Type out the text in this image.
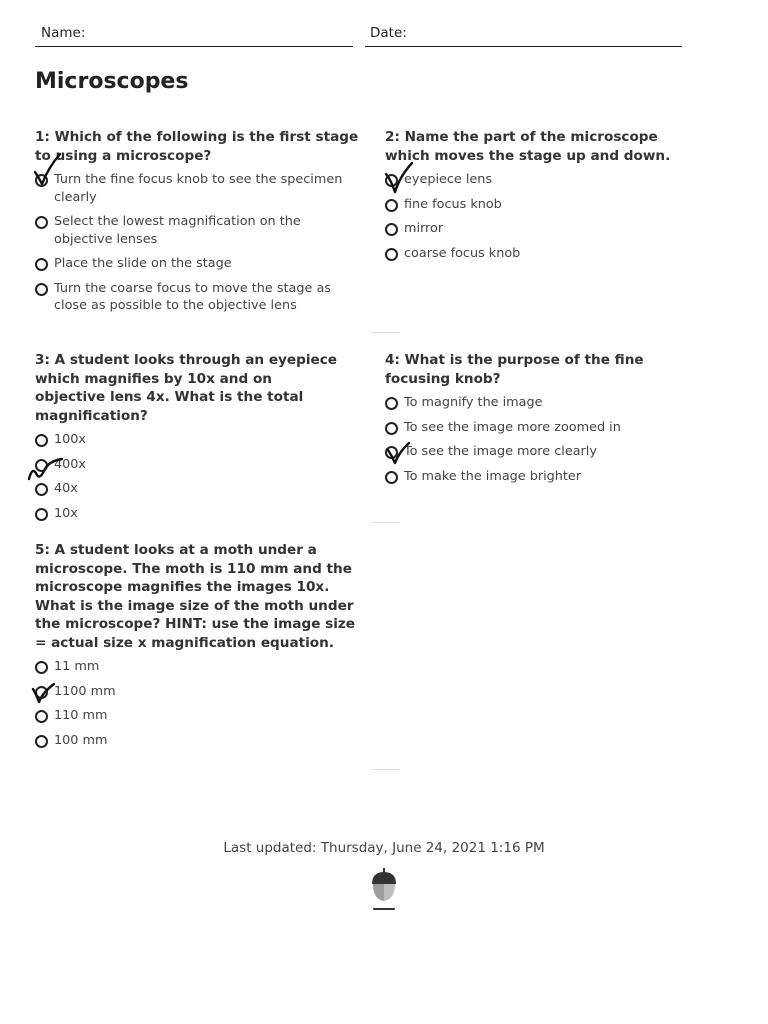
Name:	Date:
Microscopes

1: Which of the following is the first stage to using a microscope?

Turn the fine focus knob to see the specimen clearly
Select the lowest magnification on the objective lenses
Place the slide on the stage
Turn the coarse focus to move the stage as close as possible to the objective lens

2: Name the part of the microscope which moves the stage up and down.

eyepiece lens
fine focus knob
mirror
coarse focus knob

3: A student looks through an eyepiece which magnifies by 10x and on objective lens 4x. What is the total magnification?

100x
400x
40x
10x

4: What is the purpose of the fine focusing knob?

To magnify the image
To see the image more zoomed in
To see the image more clearly
To make the image brighter

5: A student looks at a moth under a microscope. The moth is 110 mm and the microscope magnifies the images 10x. What is the image size of the moth under the microscope? HINT: use the image size = actual size x magnification equation.

11 mm
1100 mm
110 mm
100 mm
Last updated: Thursday, June 24, 2021 1:16 PM
